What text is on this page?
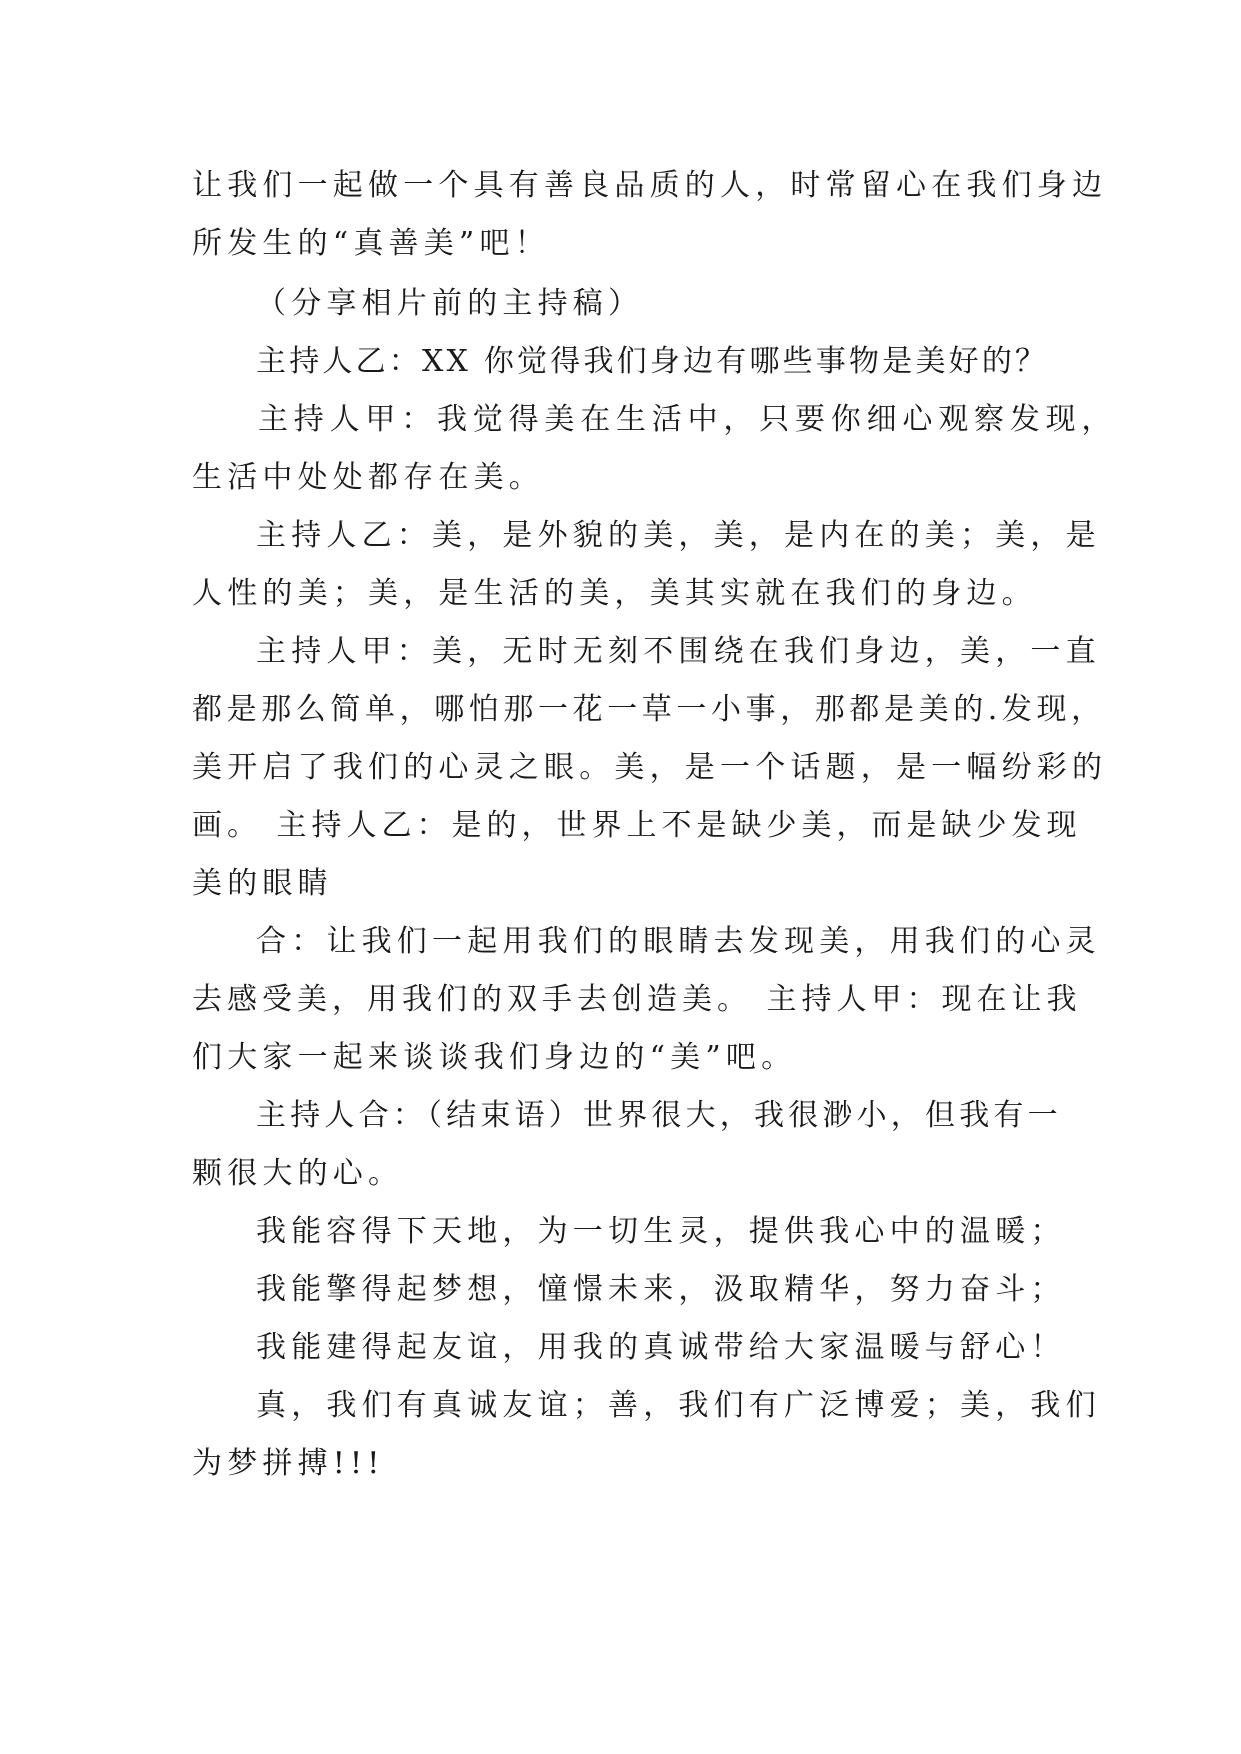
让我们一起做一个具有善良品质的人，时常留心在我们身边
所发生的“真善美”吧！
（分享相片前的主持稿）
主持人乙：XX 你觉得我们身边有哪些事物是美好的？
主持人甲：我觉得美在生活中，只要你细心观察发现，
生活中处处都存在美。
主持人乙：美，是外貌的美，美，是内在的美；美，是
人性的美；美，是生活的美，美其实就在我们的身边。
主持人甲：美，无时无刻不围绕在我们身边，美，一直
都是那么简单，哪怕那一花一草一小事，那都是美的.发现，
美开启了我们的心灵之眼。美，是一个话题，是一幅纷彩的
画。 主持人乙：是的，世界上不是缺少美，而是缺少发现
美的眼睛
合：让我们一起用我们的眼睛去发现美，用我们的心灵
去感受美，用我们的双手去创造美。 主持人甲：现在让我
们大家一起来谈谈我们身边的“美”吧。
主持人合：（结束语）世界很大，我很渺小，但我有一
颗很大的心。
我能容得下天地，为一切生灵，提供我心中的温暖；
我能擎得起梦想，憧憬未来，汲取精华，努力奋斗；
我能建得起友谊，用我的真诚带给大家温暖与舒心！
真，我们有真诚友谊；善，我们有广泛博爱；美，我们
为梦拼搏!!!
